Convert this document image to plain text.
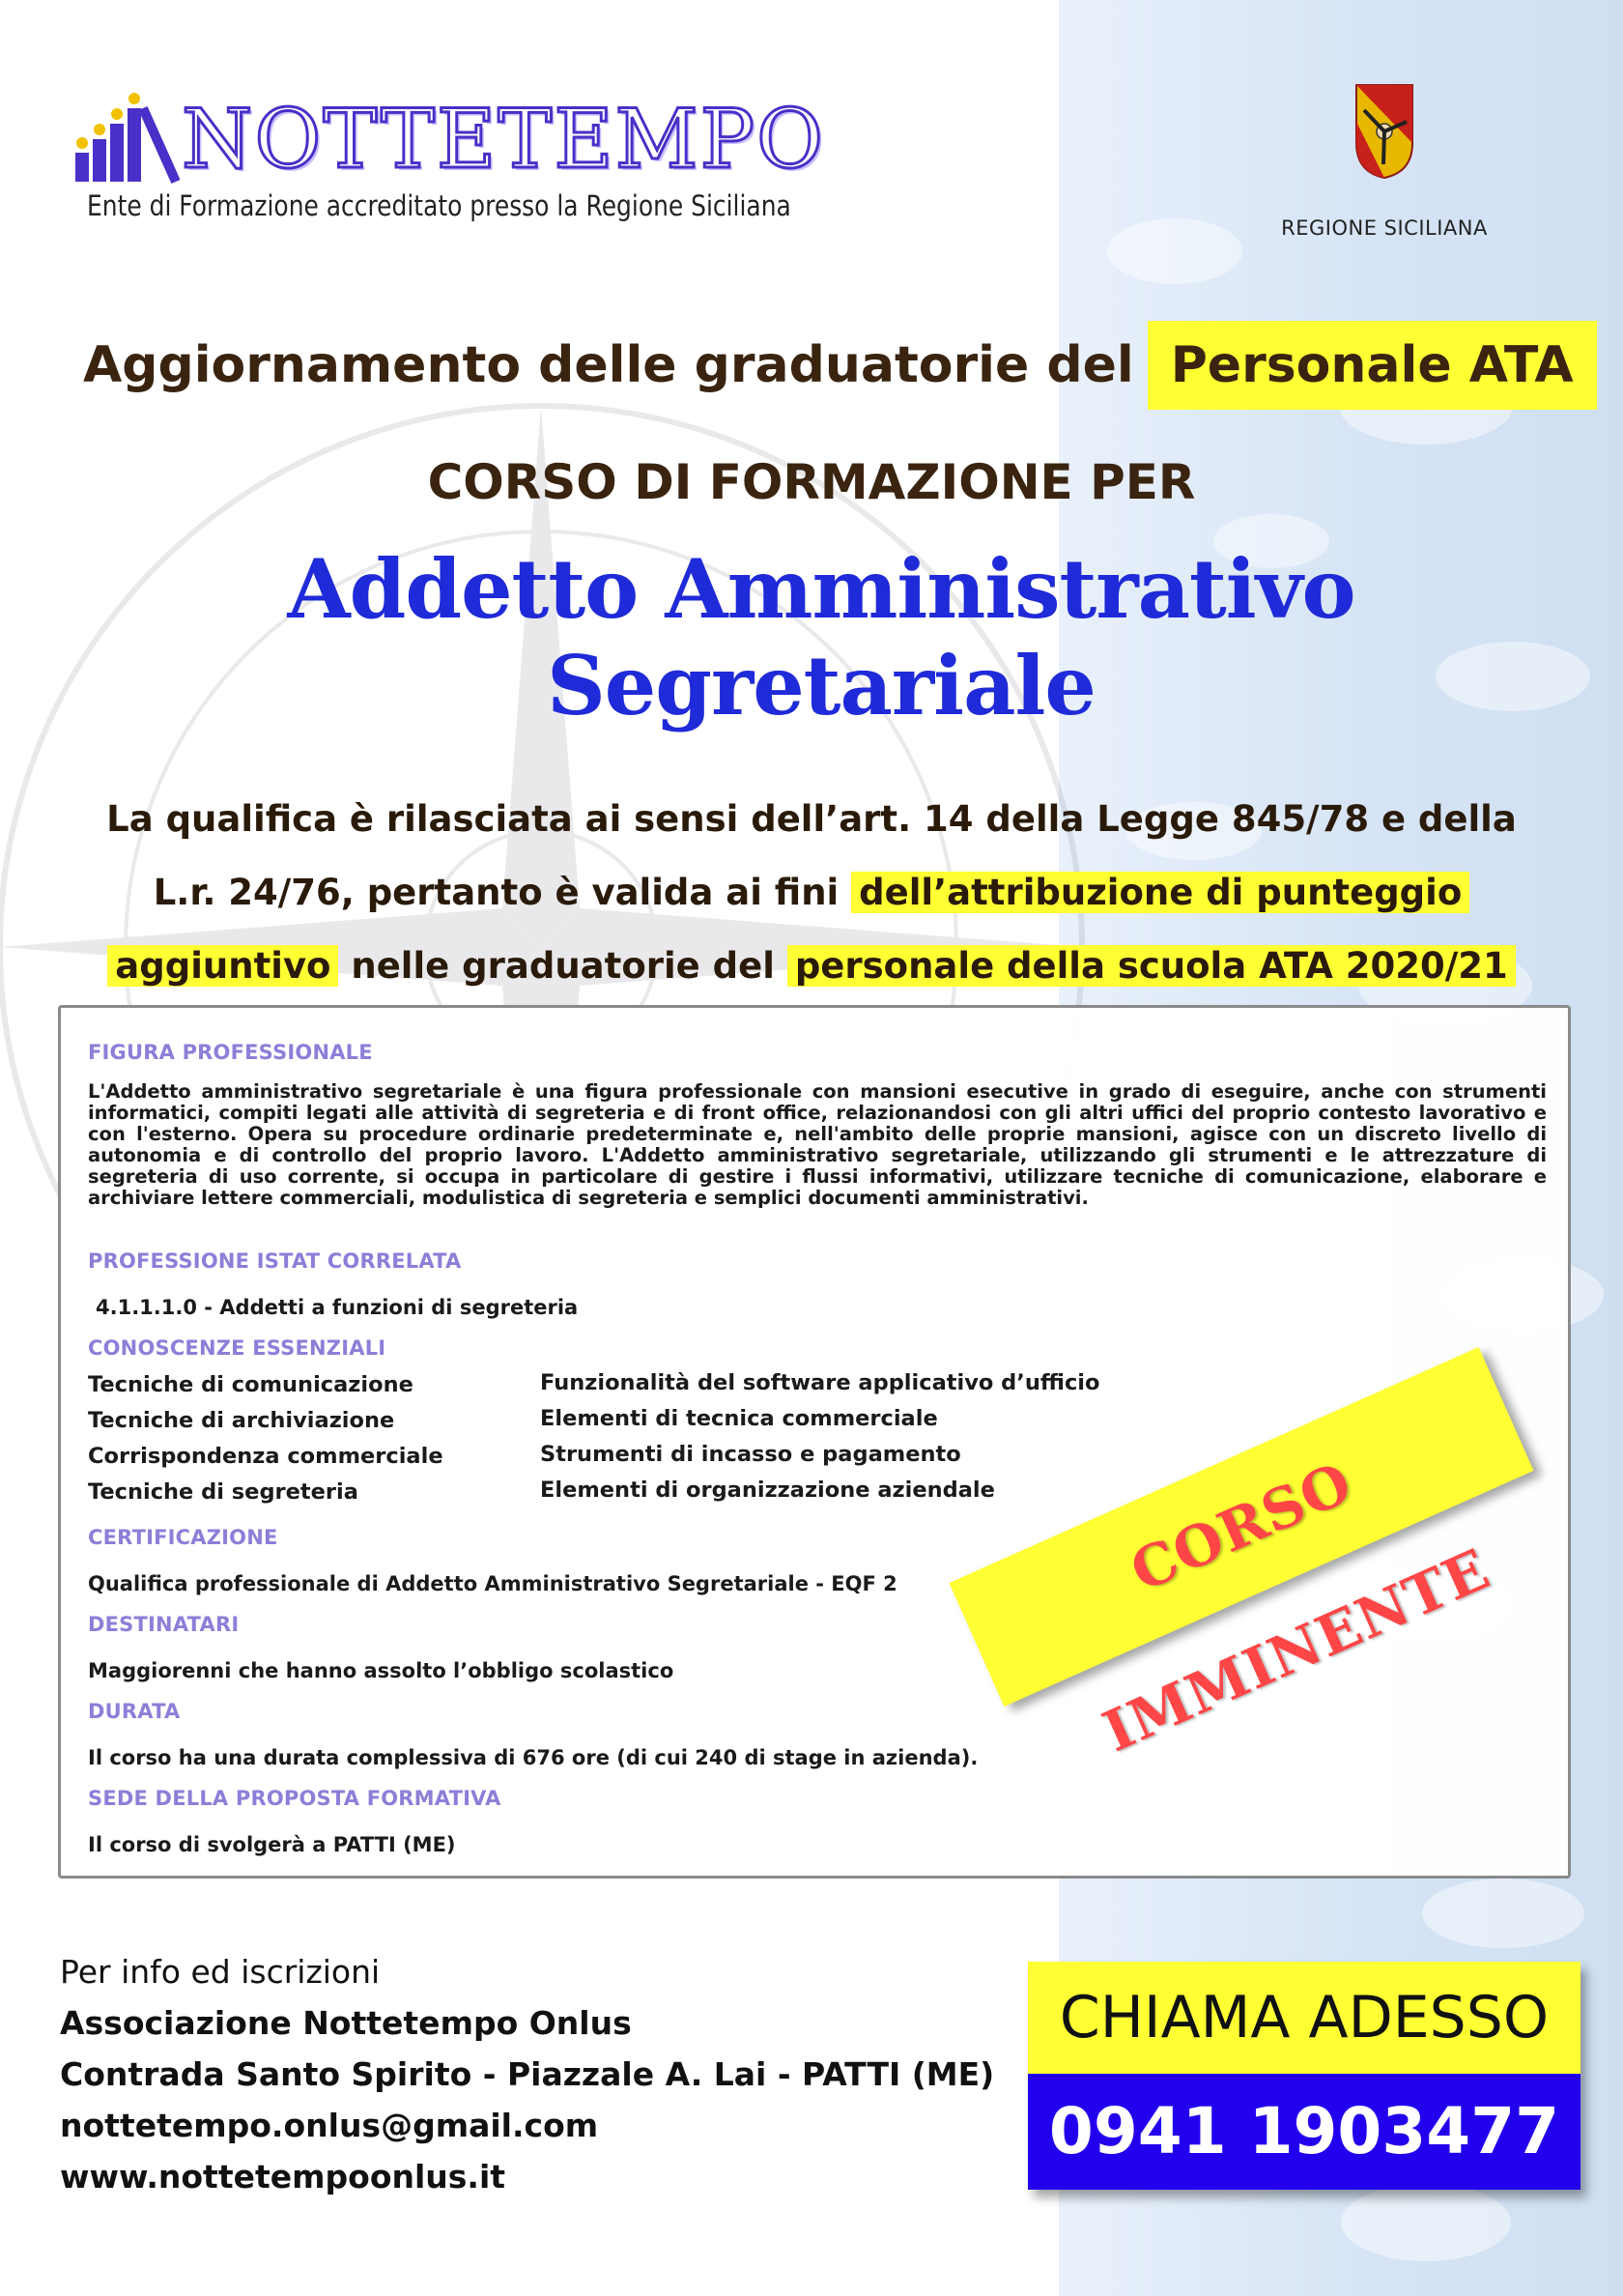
NOTTETEMPO
Ente di Formazione accreditato presso la Regione Siciliana
REGIONE SICILIANA
Aggiornamento delle graduatorie del Personale ATA
CORSO DI FORMAZIONE PER
Addetto Amministrativo
Segretariale
La qualifica è rilasciata ai sensi dell’art. 14 della Legge 845/78 e della
L.r. 24/76, pertanto è valida ai fini dell’attribuzione di punteggio
aggiuntivo nelle graduatorie del personale della scuola ATA 2020/21
FIGURA PROFESSIONALE
L'Addetto amministrativo segretariale è una figura professionale con mansioni esecutive in grado di eseguire, anche con strumenti informatici, compiti legati alle attività di segreteria e di front office, relazionandosi con gli altri uffici del proprio contesto lavorativo e con l'esterno. Opera su procedure ordinarie predeterminate e, nell'ambito delle proprie mansioni, agisce con un discreto livello di autonomia e di controllo del proprio lavoro. L'Addetto amministrativo segretariale, utilizzando gli strumenti e le attrezzature di segreteria di uso corrente, si occupa in particolare di gestire i flussi informativi, utilizzare tecniche di comunicazione, elaborare e archiviare lettere commerciali, modulistica di segreteria e semplici documenti amministrativi.
PROFESSIONE ISTAT CORRELATA
4.1.1.1.0 - Addetti a funzioni di segreteria
CONOSCENZE ESSENZIALI
Tecniche di comunicazione
Tecniche di archiviazione
Corrispondenza commerciale
Tecniche di segreteria
Funzionalità del software applicativo d’ufficio
Elementi di tecnica commerciale
Strumenti di incasso e pagamento
Elementi di organizzazione aziendale
CERTIFICAZIONE
Qualifica professionale di Addetto Amministrativo Segretariale - EQF 2
DESTINATARI
Maggiorenni che hanno assolto l’obbligo scolastico
DURATA
Il corso ha una durata complessiva di 676 ore (di cui 240 di stage in azienda).
SEDE DELLA PROPOSTA FORMATIVA
Il corso di svolgerà a PATTI (ME)
CORSO IMMINENTE
Per info ed iscrizioni
Associazione Nottetempo Onlus
Contrada Santo Spirito - Piazzale A. Lai - PATTI (ME)
nottetempo.onlus@gmail.com
www.nottetempoonlus.it
CHIAMA ADESSO
0941 1903477
